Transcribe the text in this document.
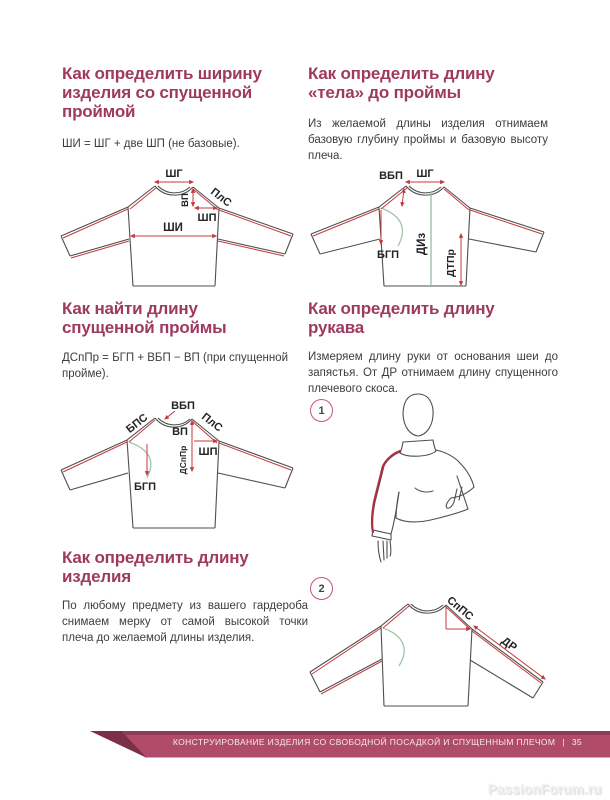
Как определить ширину изделия со спущенной проймой
ШИ = ШГ + две ШП (не базовые).
ШГ
ПлС
ВП
ШП
ШИ
Как найти длину спущенной проймы
ДСпПр = БГП + ВБП − ВП (при спущенной пройме).
БПС
ВБП
ПлС
ВП
ШП
ДСпПр
БГП
Как определить длину изделия
По любому предмету из вашего гардероба снимаем мерку от самой высокой точки плеча до желаемой длины изделия.
Как определить длину «тела» до проймы
Из желаемой длины изделия отнимаем базовую глубину проймы и базовую высоту плеча.
ВБП ШГ
БГП ДИз
ДТПр
Как определить длину рукава
Измеряем длину руки от основания шеи до запястья. От ДР отнимаем длину спущенного плечевого скоса.
1
2
СпПС
ДР
КОНСТРУИРОВАНИЕ ИЗДЕЛИЯ СО СВОБОДНОЙ ПОСАДКОЙ И СПУЩЕННЫМ ПЛЕЧОМ | 35
PassionForum.ru
